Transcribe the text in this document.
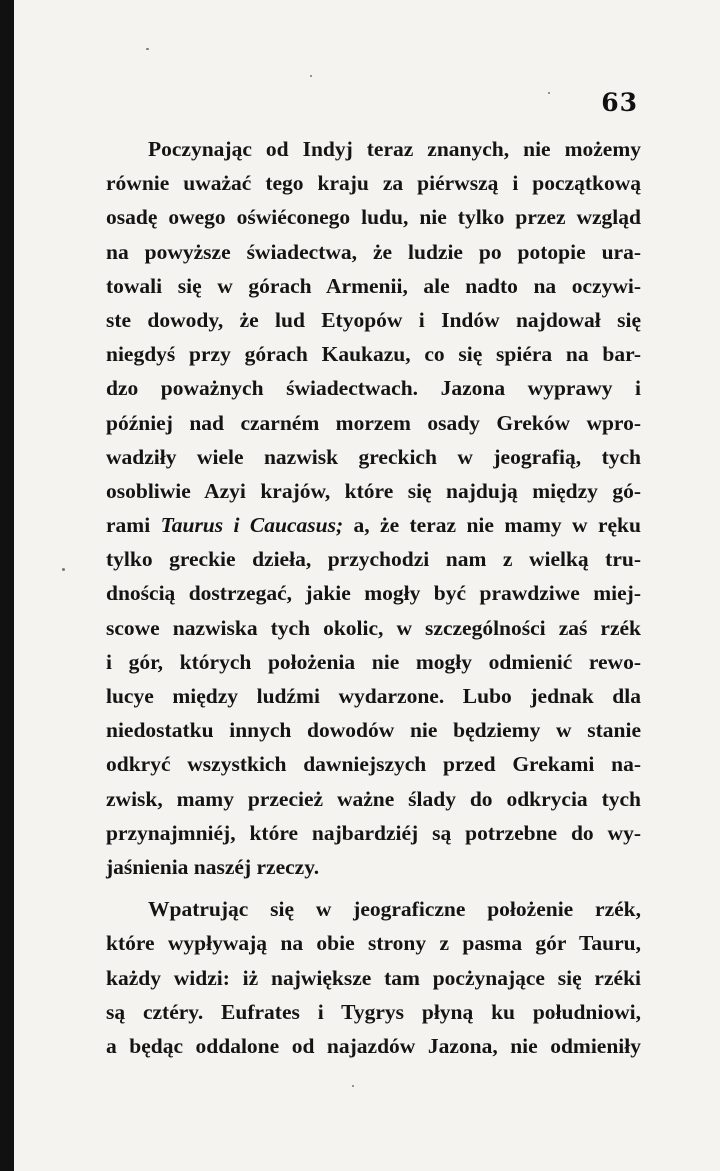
63
Poczynając od Indyj teraz znanych, nie możemy
równie uważać tego kraju za piérwszą i początkową
osadę owego oświéconego ludu, nie tylko przez wzgląd
na powyższe świadectwa, że ludzie po potopie ura-
towali się w górach Armenii, ale nadto na oczywi-
ste dowody, że lud Etyopów i Indów najdował się
niegdyś przy górach Kaukazu, co się spiéra na bar-
dzo poważnych świadectwach. Jazona wyprawy i
później nad czarném morzem osady Greków wpro-
wadziły wiele nazwisk greckich w jeografią, tych
osobliwie Azyi krajów, które się najdują między gó-
rami Taurus i Caucasus; a, że teraz nie mamy w ręku
tylko greckie dzieła, przychodzi nam z wielką tru-
dnością dostrzegać, jakie mogły być prawdziwe miej-
scowe nazwiska tych okolic, w szczególności zaś rzék
i gór, których położenia nie mogły odmienić rewo-
lucye między ludźmi wydarzone. Lubo jednak dla
niedostatku innych dowodów nie będziemy w stanie
odkryć wszystkich dawniejszych przed Grekami na-
zwisk, mamy przecież ważne ślady do odkrycia tych
przynajmniéj, które najbardziéj są potrzebne do wy-
jaśnienia naszéj rzeczy.
Wpatrując się w jeograficzne położenie rzék,
które wypływają na obie strony z pasma gór Tauru,
każdy widzi: iż największe tam pocżynające się rzéki
są cztéry. Eufrates i Tygrys płyną ku południowi,
a będąc oddalone od najazdów Jazona, nie odmieniły
